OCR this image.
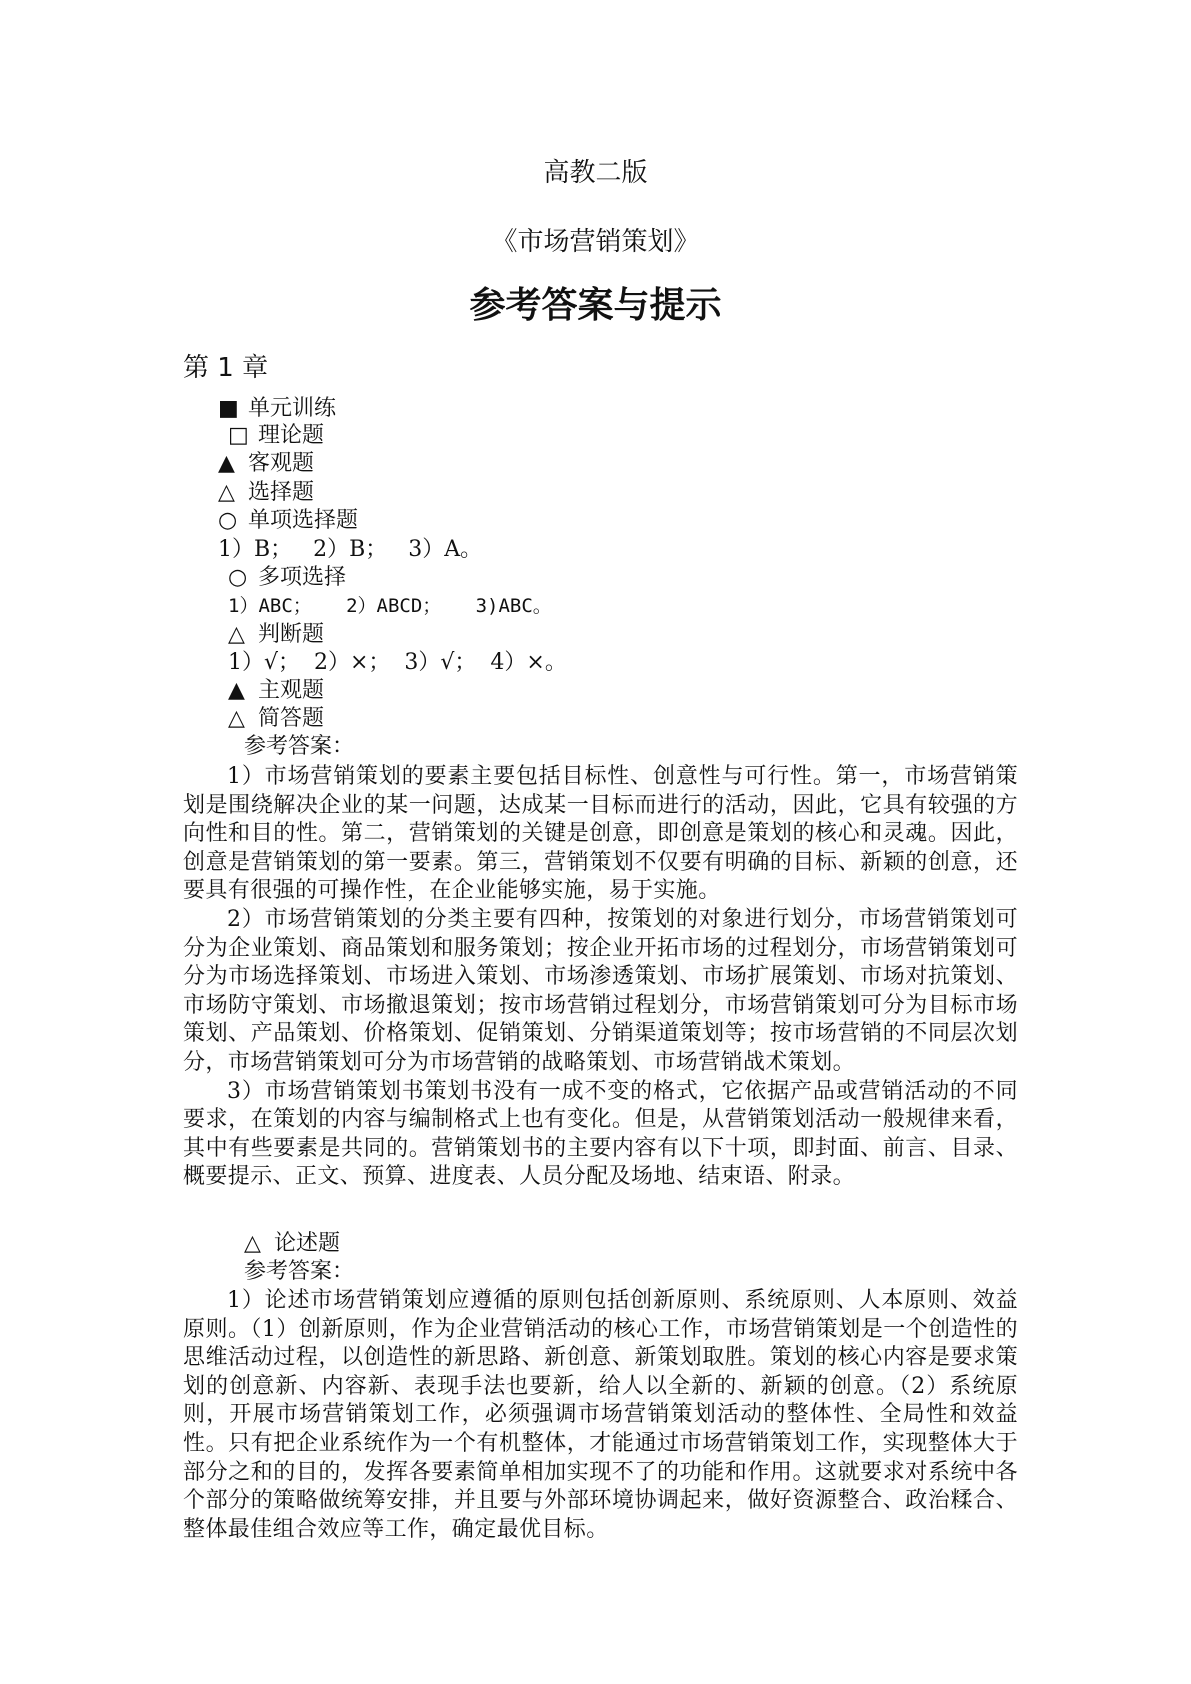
高教二版
《市场营销策划》
参考答案与提示
第 1 章
■ 单元训练
□ 理论题
▲ 客观题
△ 选择题
○ 单项选择题
1）B；   2）B；   3）A。
○ 多项选择
1）ABC；   2）ABCD；   3)ABC。
△ 判断题
1）√；  2）×；  3）√；  4）×。
▲ 主观题
△ 简答题
参考答案：

1）市场营销策划的要素主要包括目标性、创意性与可行性。第一，市场营销策划是围绕解决企业的某一问题，达成某一目标而进行的活动，因此，它具有较强的方向性和目的性。第二，营销策划的关键是创意，即创意是策划的核心和灵魂。因此，创意是营销策划的第一要素。第三，营销策划不仅要有明确的目标、新颖的创意，还要具有很强的可操作性，在企业能够实施，易于实施。

2）市场营销策划的分类主要有四种，按策划的对象进行划分，市场营销策划可分为企业策划、商品策划和服务策划；按企业开拓市场的过程划分，市场营销策划可分为市场选择策划、市场进入策划、市场渗透策划、市场扩展策划、市场对抗策划、市场防守策划、市场撤退策划；按市场营销过程划分，市场营销策划可分为目标市场策划、产品策划、价格策划、促销策划、分销渠道策划等；按市场营销的不同层次划分，市场营销策划可分为市场营销的战略策划、市场营销战术策划。

3）市场营销策划书策划书没有一成不变的格式，它依据产品或营销活动的不同要求，在策划的内容与编制格式上也有变化。但是，从营销策划活动一般规律来看，其中有些要素是共同的。营销策划书的主要内容有以下十项，即封面、前言、目录、概要提示、正文、预算、进度表、人员分配及场地、结束语、附录。

△ 论述题
参考答案：

1）论述市场营销策划应遵循的原则包括创新原则、系统原则、人本原则、效益原则。（1）创新原则，作为企业营销活动的核心工作，市场营销策划是一个创造性的思维活动过程，以创造性的新思路、新创意、新策划取胜。策划的核心内容是要求策划的创意新、内容新、表现手法也要新，给人以全新的、新颖的创意。（2）系统原则，开展市场营销策划工作，必须强调市场营销策划活动的整体性、全局性和效益性。只有把企业系统作为一个有机整体，才能通过市场营销策划工作，实现整体大于部分之和的目的，发挥各要素简单相加实现不了的功能和作用。这就要求对系统中各个部分的策略做统筹安排，并且要与外部环境协调起来，做好资源整合、政治糅合、整体最佳组合效应等工作，确定最优目标。
